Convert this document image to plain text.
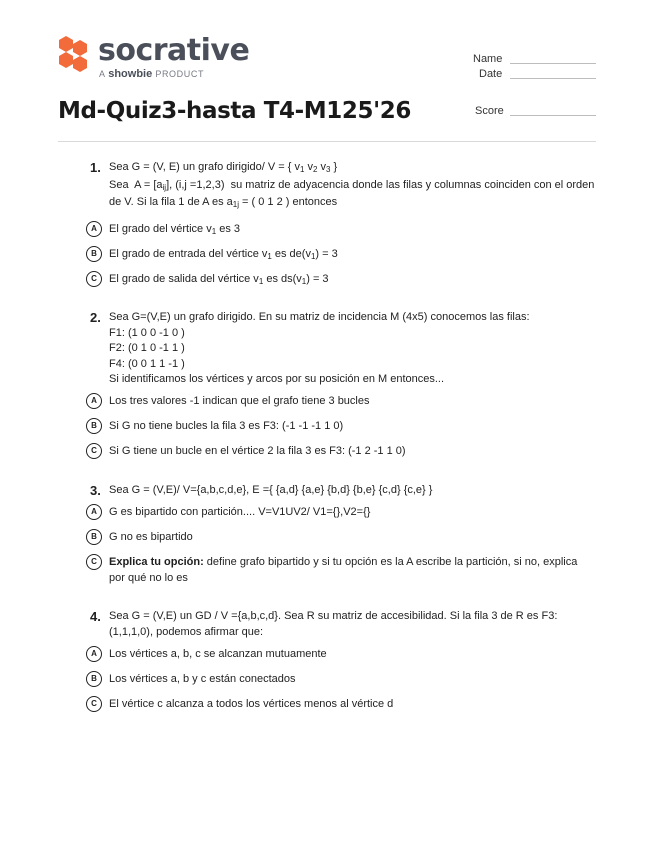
socrative
A showbie PRODUCT
Md-Quiz3-hasta T4-M125'26
Name
Date
Score
1. Sea G = (V, E) un grafo dirigido/ V = { $v_1$ $v_2$ $v_3$ }
Sea  $A = [a_{ij}]$, (i,j =1,2,3)  su matriz de adyacencia donde las filas y columnas coinciden con el orden de V. Si la fila 1 de A es $a_{1j}$ = ( 0 1 2 ) entonces
A	El grado del vértice $v_1$ es 3
B	El grado de entrada del vértice $v_1$ es $de(v_1) = 3$
C	El grado de salida del vértice $v_1$ es $ds(v_1) = 3$
2. Sea G=(V,E) un grafo dirigido. En su matriz de incidencia M (4x5) conocemos las filas:
F1: (1 0 0 -1 0 )
F2: (0 1 0 -1 1 )
F4: (0 0 1 1 -1 )
Si identificamos los vértices y arcos por su posición en M entonces...
A	Los tres valores -1 indican que el grafo tiene 3 bucles
B	Si G no tiene bucles la fila 3 es F3: (-1 -1 -1 1 0)
C	Si G tiene un bucle en el vértice 2 la fila 3 es F3: (-1 2 -1 1 0)
3. Sea G = (V,E)/ V={a,b,c,d,e}, E ={ {a,d} {a,e} {b,d} {b,e} {c,d} {c,e} }
A	G es bipartido con partición.... V=V1UV2/ V1={},V2={}
B	G no es bipartido
C	Explica tu opción: define grafo bipartido y si tu opción es la A escribe la partición, si no, explica por qué no lo es
4. Sea G = (V,E) un GD / V ={a,b,c,d}. Sea R su matriz de accesibilidad. Si la fila 3 de R es F3: (1,1,1,0), podemos afirmar que:
A	Los vértices a, b, c se alcanzan mutuamente
B	Los vértices a, b y c están conectados
C	El vértice c alcanza a todos los vértices menos al vértice d
